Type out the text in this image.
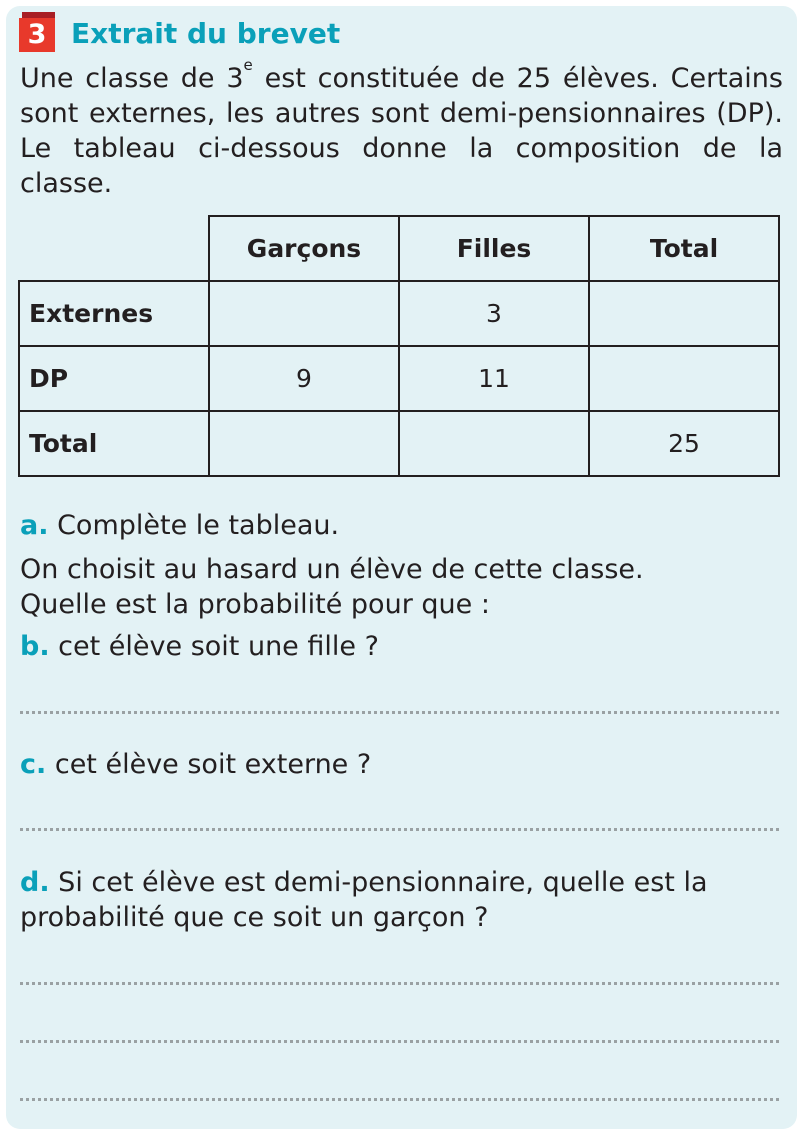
3 Extrait du brevet

Une classe de 3e est constituée de 25 élèves. Certains sont externes, les autres sont demi-pensionnaires (DP). Le tableau ci-dessous donne la composition de la classe.

	Garçons	Filles	Total
Externes		3	
DP	9	11	
Total			25

a. Complète le tableau.

On choisit au hasard un élève de cette classe.

Quelle est la probabilité pour que :

b. cet élève soit une fille ?

c. cet élève soit externe ?

d. Si cet élève est demi-pensionnaire, quelle est la

probabilité que ce soit un garçon ?
